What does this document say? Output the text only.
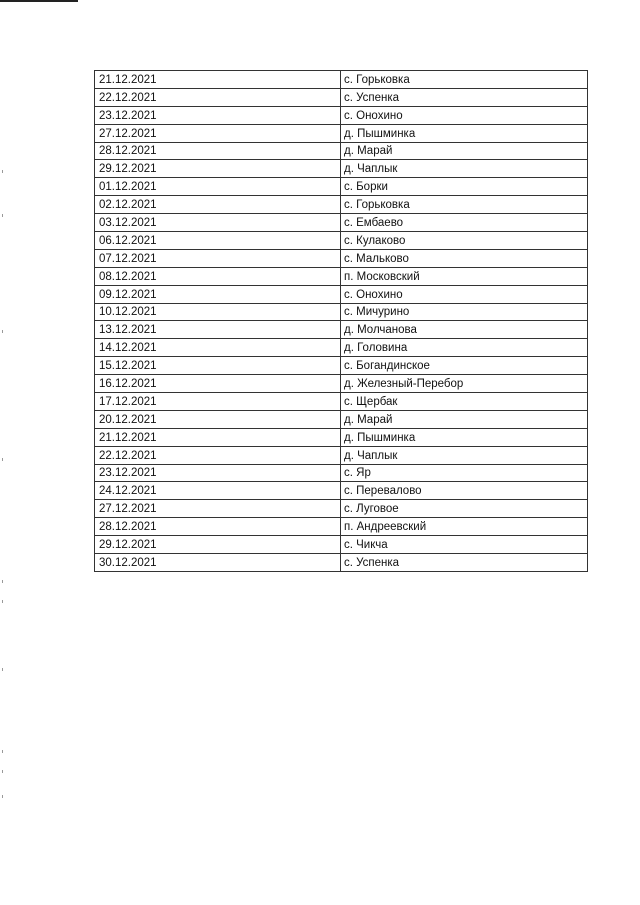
21.12.2021	с. Горьковка
22.12.2021	с. Успенка
23.12.2021	с. Онохино
27.12.2021	д. Пышминка
28.12.2021	д. Марай
29.12.2021	д. Чаплык
01.12.2021	с. Борки
02.12.2021	с. Горьковка
03.12.2021	с. Ембаево
06.12.2021	с. Кулаково
07.12.2021	с. Мальково
08.12.2021	п. Московский
09.12.2021	с. Онохино
10.12.2021	с. Мичурино
13.12.2021	д. Молчанова
14.12.2021	д. Головина
15.12.2021	с. Богандинское
16.12.2021	д. Железный-Перебор
17.12.2021	с. Щербак
20.12.2021	д. Марай
21.12.2021	д. Пышминка
22.12.2021	д. Чаплык
23.12.2021	с. Яр
24.12.2021	с. Перевалово
27.12.2021	с. Луговое
28.12.2021	п. Андреевский
29.12.2021	с. Чикча
30.12.2021	с. Успенка
